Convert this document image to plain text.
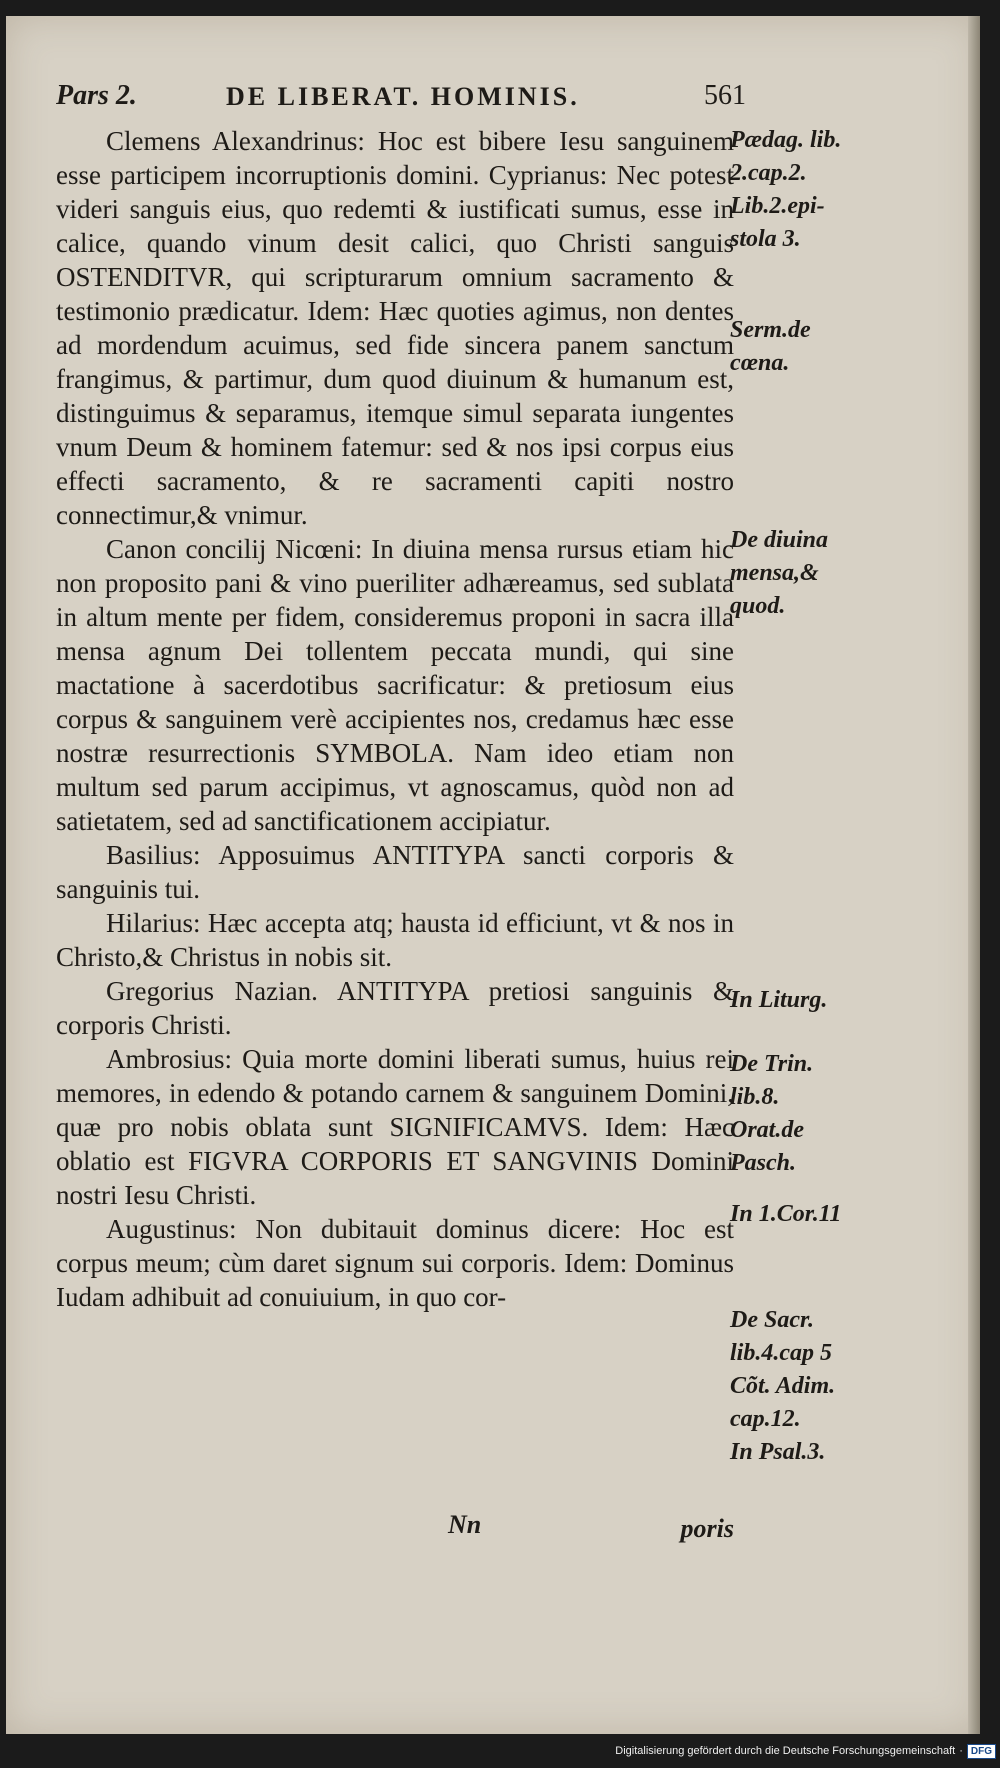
Pars 2.	DE LIBERAT. HOMINIS.	561

Clemens Alexandrinus: Hoc est bibere Iesu sanguinem esse participem incorruptionis domini. Cyprianus: Nec potest videri sanguis eius, quo redemti & iustificati sumus, esse in calice, quando vinum desit calici, quo Christi sanguis OSTENDITVR, qui scripturarum omnium sacramento & testimonio prædicatur. Idem: Hæc quoties agimus, non dentes ad mordendum acuimus, sed fide sincera panem sanctum frangimus, & partimur, dum quod diuinum & humanum est, distinguimus & separamus, itemque simul separata iungentes vnum Deum & hominem fatemur: sed & nos ipsi corpus eius effecti sacramento, & re sacramenti capiti nostro connectimur,& vnimur.

Canon concilij Nicœni: In diuina mensa rursus etiam hic non proposito pani & vino pueriliter adhæreamus, sed sublata in altum mente per fidem, consideremus proponi in sacra illa mensa agnum Dei tollentem peccata mundi, qui sine mactatione à sacerdotibus sacrificatur: & pretiosum eius corpus & sanguinem verè accipientes nos, credamus hæc esse nostræ resurrectionis SYMBOLA. Nam ideo etiam non multum sed parum accipimus, vt agnoscamus, quòd non ad satietatem, sed ad sanctificationem accipiatur.

Basilius: Apposuimus ANTITYPA sancti corporis & sanguinis tui.

Hilarius: Hæc accepta atq; hausta id efficiunt, vt & nos in Christo,& Christus in nobis sit.

Gregorius Nazian. ANTITYPA pretiosi sanguinis & corporis Christi.

Ambrosius: Quia morte domini liberati sumus, huius rei memores, in edendo & potando carnem & sanguinem Domini, quæ pro nobis oblata sunt SIGNIFICAMVS. Idem: Hæc oblatio est FIGVRA CORPORIS ET SANGVINIS Domini nostri Iesu Christi.

Augustinus: Non dubitauit dominus dicere: Hoc est corpus meum; cùm daret signum sui corporis. Idem: Dominus Iudam adhibuit ad conuiuium, in quo cor-

Pædag. lib.
2.cap.2.
Lib.2.epi-
stola 3.
Serm.de
cœna.
De diuina
mensa,&
quod.
In Liturg.
De Trin.
lib.8.
Orat.de
Pasch.
In 1.Cor.11
De Sacr.
lib.4.cap 5
Cõt. Adim.
cap.12.
In Psal.3.
Nn	poris
Digitalisierung gefördert durch die Deutsche Forschungsgemeinschaft · DFG
